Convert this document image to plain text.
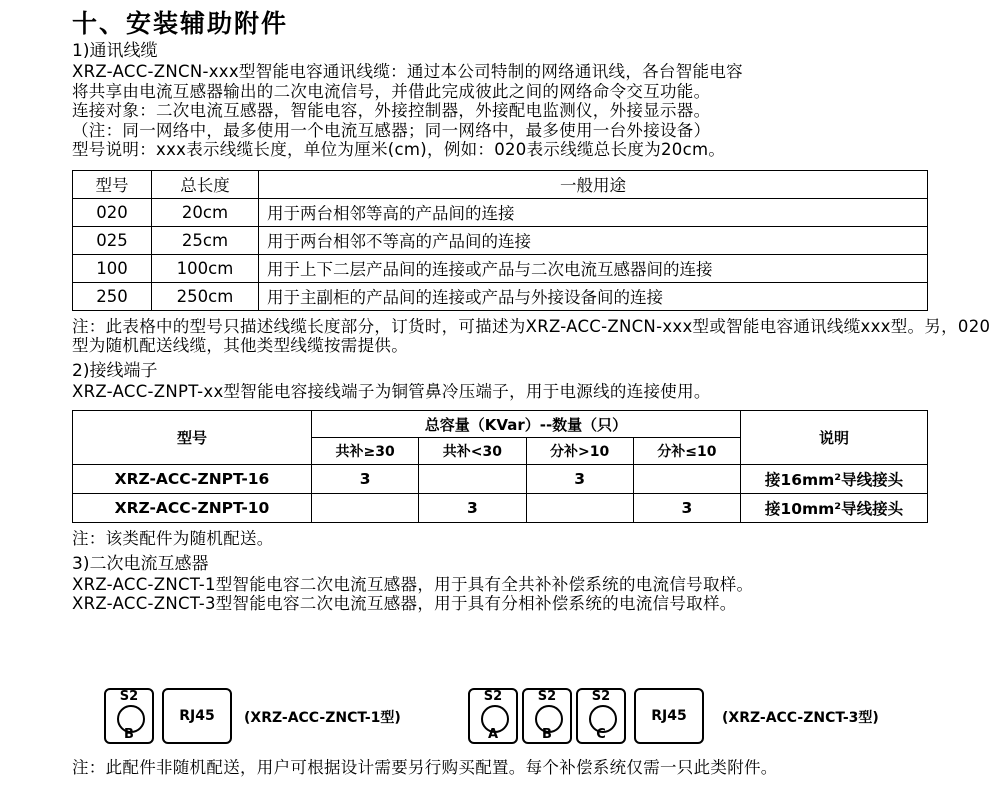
十、安装辅助附件
1)通讯线缆
XRZ-ACC-ZNCN-xxx型智能电容通讯线缆：通过本公司特制的网络通讯线，各台智能电容
将共享由电流互感器输出的二次电流信号，并借此完成彼此之间的网络命令交互功能。
连接对象：二次电流互感器，智能电容，外接控制器，外接配电监测仪，外接显示器。
（注：同一网络中，最多使用一个电流互感器；同一网络中，最多使用一台外接设备）
型号说明：xxx表示线缆长度，单位为厘米(cm)，例如：020表示线缆总长度为20cm。
型号	总长度	一般用途
020	20cm	用于两台相邻等高的产品间的连接
025	25cm	用于两台相邻不等高的产品间的连接
100	100cm	用于上下二层产品间的连接或产品与二次电流互感器间的连接
250	250cm	用于主副柜的产品间的连接或产品与外接设备间的连接
注：此表格中的型号只描述线缆长度部分，订货时，可描述为XRZ-ACC-ZNCN-xxx型或智能电容通讯线缆xxx型。另，020型为随机配送线缆，其他类型线缆按需提供。
2)接线端子
XRZ-ACC-ZNPT-xx型智能电容接线端子为铜管鼻冷压端子，用于电源线的连接使用。
型号	总容量（KVar）--数量（只）				说明
	共补≥30	共补<30	分补>10	分补≤10	
XRZ-ACC-ZNPT-16	3		3		接16mm²导线接头
XRZ-ACC-ZNPT-10		3		3	接10mm²导线接头
注：该类配件为随机配送。
3)二次电流互感器
XRZ-ACC-ZNCT-1型智能电容二次电流互感器，用于具有全共补补偿系统的电流信号取样。
XRZ-ACC-ZNCT-3型智能电容二次电流互感器，用于具有分相补偿系统的电流信号取样。
S2
B
RJ45	(XRZ-ACC-ZNCT-1型)
S2
A
S2
B
S2
C
RJ45	(XRZ-ACC-ZNCT-3型)
注：此配件非随机配送，用户可根据设计需要另行购买配置。每个补偿系统仅需一只此类附件。
